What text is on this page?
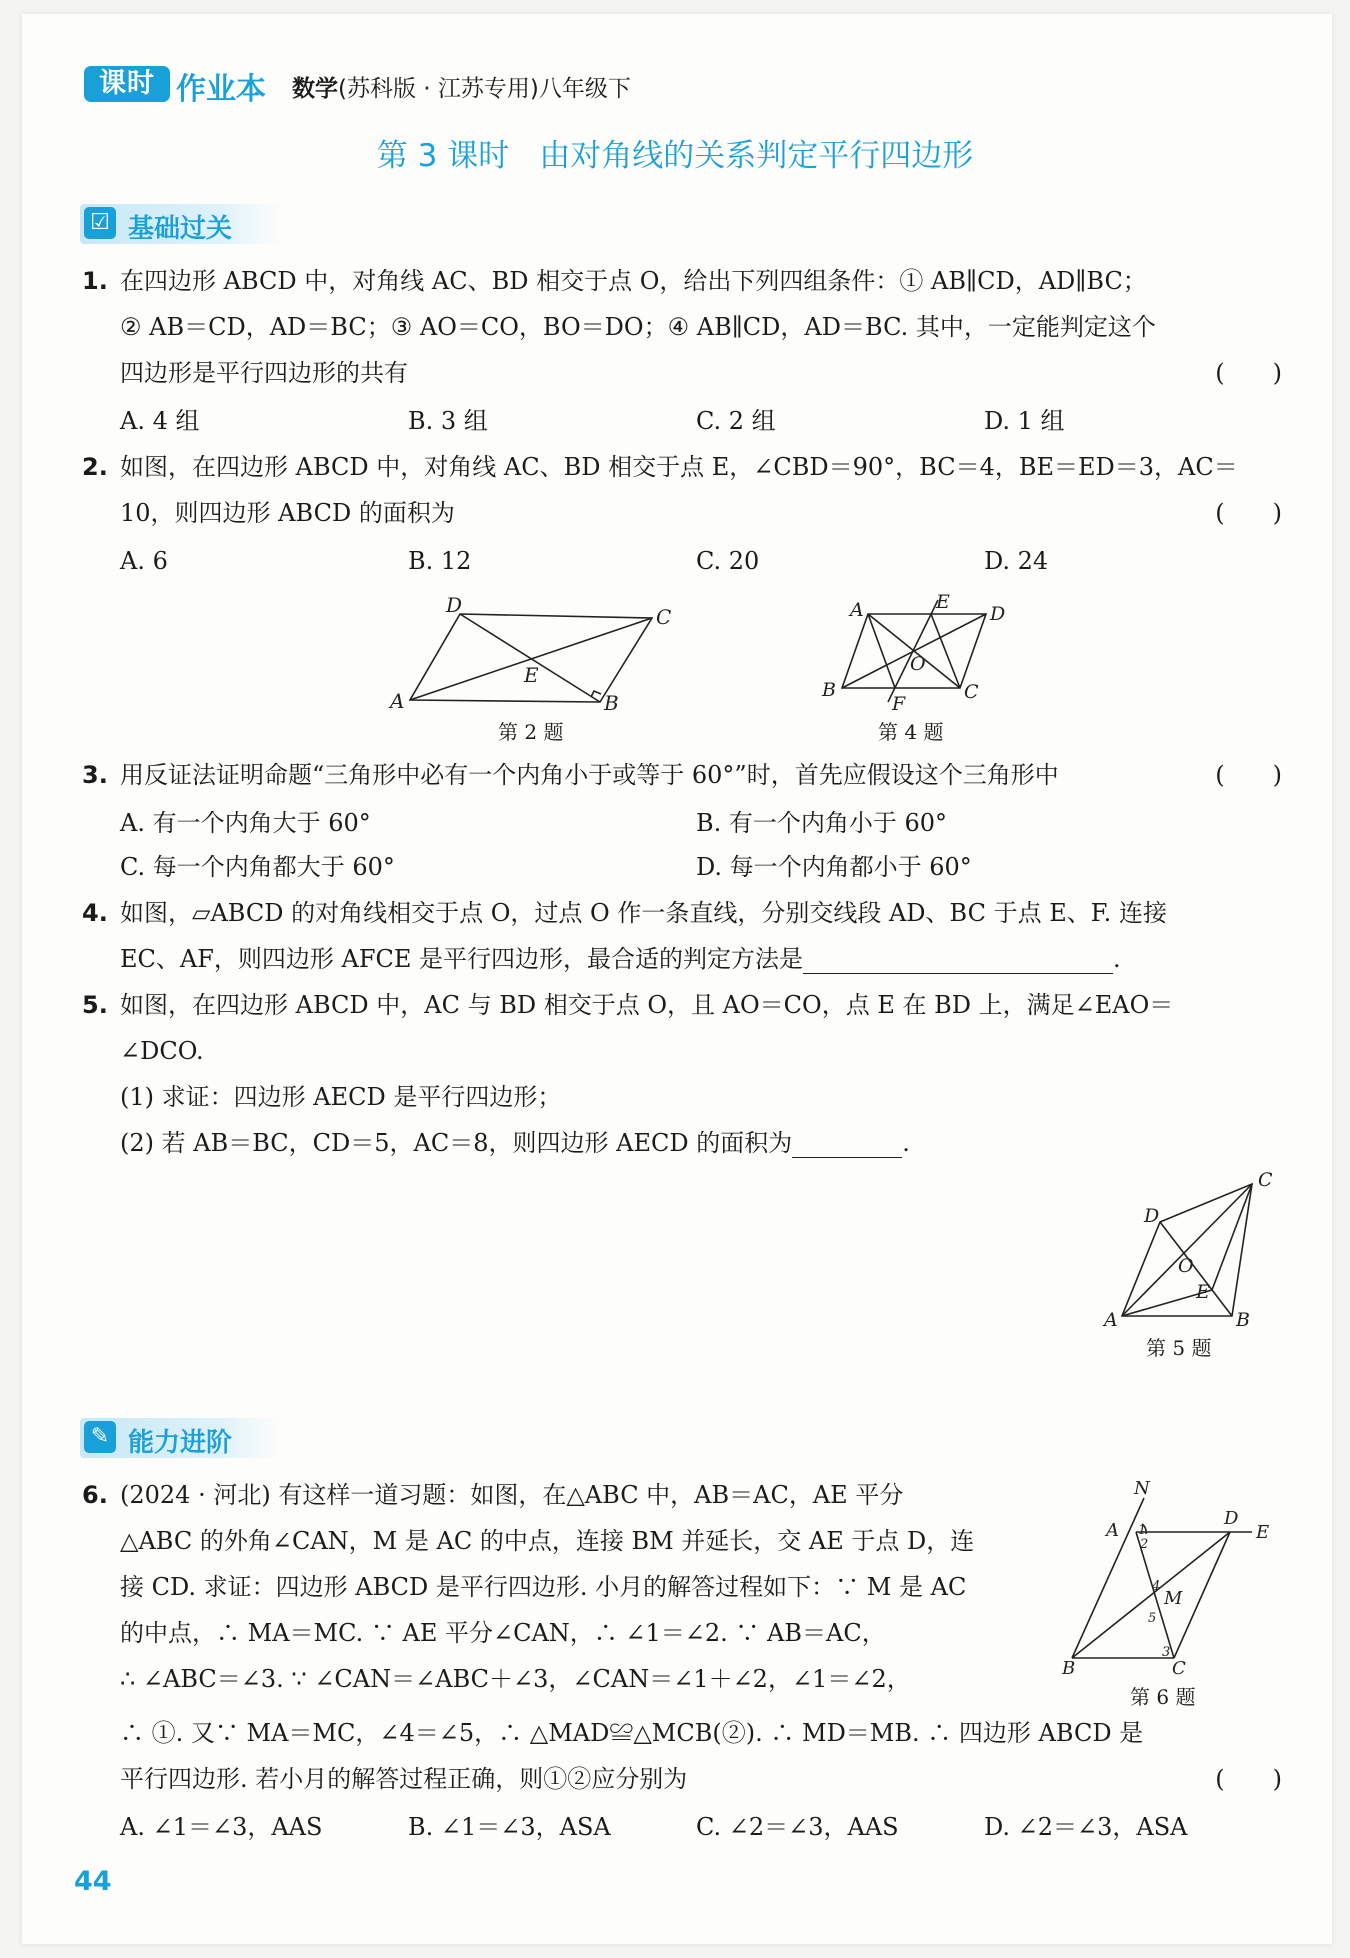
课时 作业本 数学(苏科版 · 江苏专用)八年级下
第 3 课时 由对角线的关系判定平行四边形
☑ 基础过关
1. 在四边形 ABCD 中，对角线 AC、BD 相交于点 O，给出下列四组条件：① AB∥CD，AD∥BC；
② AB＝CD，AD＝BC；③ AO＝CO，BO＝DO；④ AB∥CD，AD＝BC. 其中，一定能判定这个
四边形是平行四边形的共有	(　　)
A. 4 组	B. 3 组	C. 2 组	D. 1 组
2. 如图，在四边形 ABCD 中，对角线 AC、BD 相交于点 E，∠CBD＝90°，BC＝4，BE＝ED＝3，AC＝
10，则四边形 ABCD 的面积为	(　　)
A. 6	B. 12	C. 20	D. 24
D	C
A	B
E
第 2 题
A	E
D
B
O
C
F
第 4 题
3. 用反证法证明命题“三角形中必有一个内角小于或等于 60°”时，首先应假设这个三角形中	(　　)
A. 有一个内角大于 60°	B. 有一个内角小于 60°
C. 每一个内角都大于 60°	D. 每一个内角都小于 60°
4. 如图，▱ABCD 的对角线相交于点 O，过点 O 作一条直线，分别交线段 AD、BC 于点 E、F. 连接
EC、AF，则四边形 AFCE 是平行四边形，最合适的判定方法是	.
5. 如图，在四边形 ABCD 中，AC 与 BD 相交于点 O，且 AO＝CO，点 E 在 BD 上，满足∠EAO＝
∠DCO.
(1) 求证：四边形 AECD 是平行四边形；
(2) 若 AB＝BC，CD＝5，AC＝8，则四边形 AECD 的面积为	.
C
D
O
E
A	B
第 5 题
✎ 能力进阶
6. (2024 · 河北) 有这样一道习题：如图，在△ABC 中，AB＝AC，AE 平分
△ABC 的外角∠CAN，M 是 AC 的中点，连接 BM 并延长，交 AE 于点 D，连
接 CD. 求证：四边形 ABCD 是平行四边形. 小月的解答过程如下：∵ M 是 AC
的中点，∴ MA＝MC. ∵ AE 平分∠CAN，∴ ∠1＝∠2. ∵ AB＝AC，
∴ ∠ABC＝∠3. ∵ ∠CAN＝∠ABC＋∠3，∠CAN＝∠1＋∠2，∠1＝∠2，
∴ ①. 又∵ MA＝MC，∠4＝∠5，∴ △MAD≌△MCB(②). ∴ MD＝MB. ∴ 四边形 ABCD 是
平行四边形. 若小月的解答过程正确，则①②应分别为	(　　)
A. ∠1＝∠3，AAS	B. ∠1＝∠3，ASA	C. ∠2＝∠3，AAS	D. ∠2＝∠3，ASA
N
A 1
2
D
E
4
M
5
3
B	C
第 6 题
44
